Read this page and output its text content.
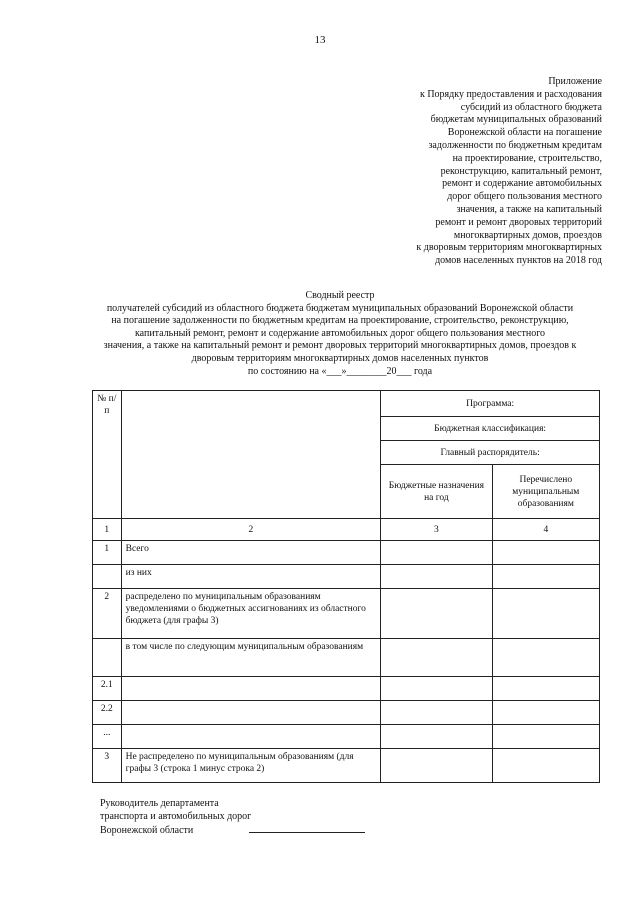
13
Приложение
к Порядку предоставления и расходования
субсидий из областного бюджета
бюджетам муниципальных образований
Воронежской области на погашение
задолженности по бюджетным кредитам
на проектирование, строительство,
реконструкцию, капитальный ремонт,
ремонт и содержание автомобильных
дорог общего пользования местного
значения, а также на капитальный
ремонт и ремонт дворовых территорий
многоквартирных домов, проездов
к дворовым территориям многоквартирных
домов населенных пунктов на 2018 год
Сводный реестр
получателей субсидий из областного бюджета бюджетам муниципальных образований Воронежской области
на погашение задолженности по бюджетным кредитам на проектирование, строительство, реконструкцию,
капитальный ремонт, ремонт и содержание автомобильных дорог общего пользования местного
значения, а также на капитальный ремонт и ремонт дворовых территорий многоквартирных домов, проездов к
дворовым территориям многоквартирных домов населенных пунктов
по состоянию на «___»________20___ года
№ п/п		Программа:	
		Бюджетная классификация:	
		Главный распорядитель:	
		Бюджетные назначения на год	Перечислено муниципальным образованиям
1	2	3	4
1	Всего		
	из них		
2	распределено по муниципальным образованиям уведомлениями о бюджетных ассигнованиях из областного бюджета (для графы 3)		
	в том числе по следующим муниципальным образованиям		
2.1			
2.2			
...			
3	Не распределено по муниципальным образованиям (для графы 3 (строка 1 минус строка 2)		
Руководитель департамента
транспорта и автомобильных дорог
Воронежской области
